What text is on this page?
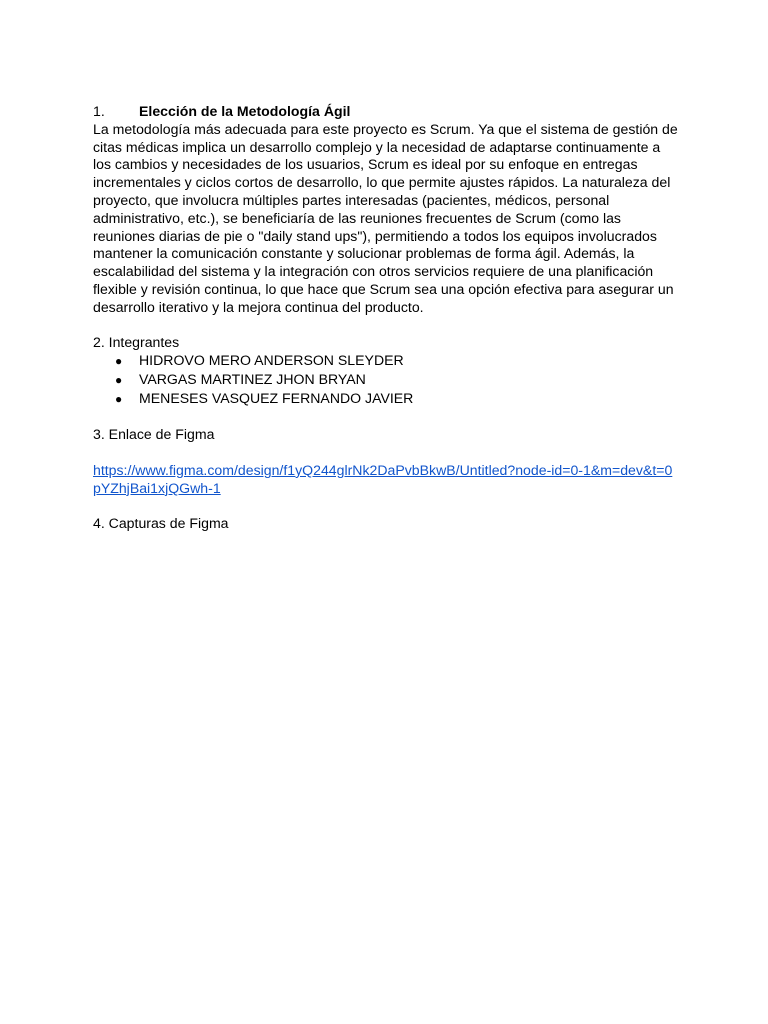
1.	Elección de la Metodología Ágil

La metodología más adecuada para este proyecto es Scrum. Ya que el sistema de gestión de citas médicas implica un desarrollo complejo y la necesidad de adaptarse continuamente a los cambios y necesidades de los usuarios, Scrum es ideal por su enfoque en entregas incrementales y ciclos cortos de desarrollo, lo que permite ajustes rápidos. La naturaleza del proyecto, que involucra múltiples partes interesadas (pacientes, médicos, personal administrativo, etc.), se beneficiaría de las reuniones frecuentes de Scrum (como las reuniones diarias de pie o "daily stand ups"), permitiendo a todos los equipos involucrados mantener la comunicación constante y solucionar problemas de forma ágil. Además, la escalabilidad del sistema y la integración con otros servicios requiere de una planificación flexible y revisión continua, lo que hace que Scrum sea una opción efectiva para asegurar un desarrollo iterativo y la mejora continua del producto.

2. Integrantes
●	HIDROVO MERO ANDERSON SLEYDER
●	VARGAS MARTINEZ JHON BRYAN
●	MENESES VASQUEZ FERNANDO JAVIER
3. Enlace de Figma
https://www.figma.com/design/f1yQ244glrNk2DaPvbBkwB/Untitled?node-id=0-1&m=dev&t=0pYZhjBai1xjQGwh-1
4. Capturas de Figma
